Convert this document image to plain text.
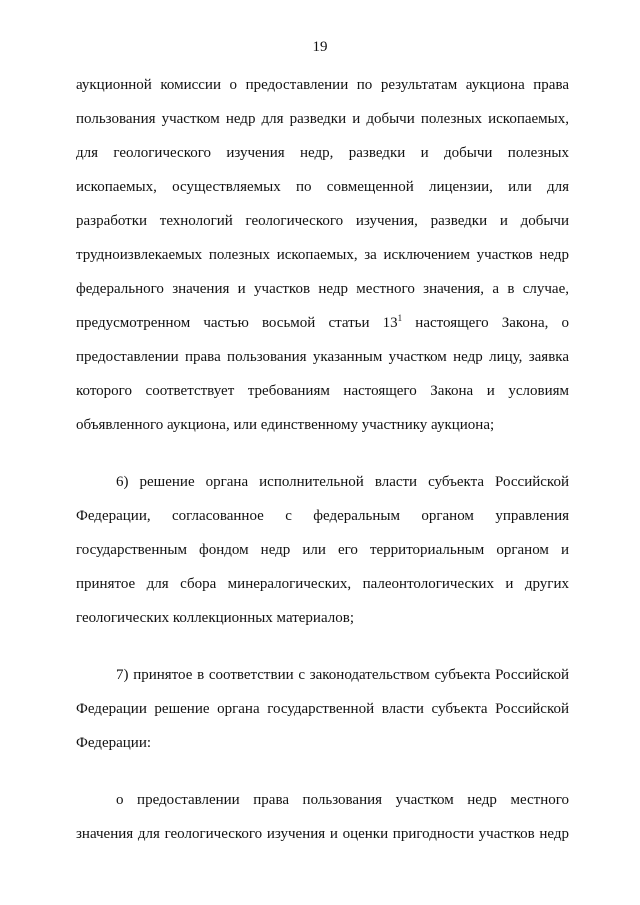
19
аукционной комиссии о предоставлении по результатам аукциона права
пользования участком недр для разведки и добычи полезных ископаемых,
для геологического изучения недр, разведки и добычи полезных
ископаемых, осуществляемых по совмещенной лицензии, или для
разработки технологий геологического изучения, разведки и добычи
трудноизвлекаемых полезных ископаемых, за исключением участков недр
федерального значения и участков недр местного значения, а в случае,
предусмотренном частью восьмой статьи $13^1$ настоящего Закона, о
предоставлении права пользования указанным участком недр лицу, заявка
которого соответствует требованиям настоящего Закона и условиям
объявленного аукциона, или единственному участнику аукциона;
6) решение органа исполнительной власти субъекта Российской
Федерации, согласованное с федеральным органом управления
государственным фондом недр или его территориальным органом и
принятое для сбора минералогических, палеонтологических и других
геологических коллекционных материалов;
7) принятое в соответствии с законодательством субъекта Российской
Федерации решение органа государственной власти субъекта Российской
Федерации:
о предоставлении права пользования участком недр местного
значения для геологического изучения и оценки пригодности участков недр
